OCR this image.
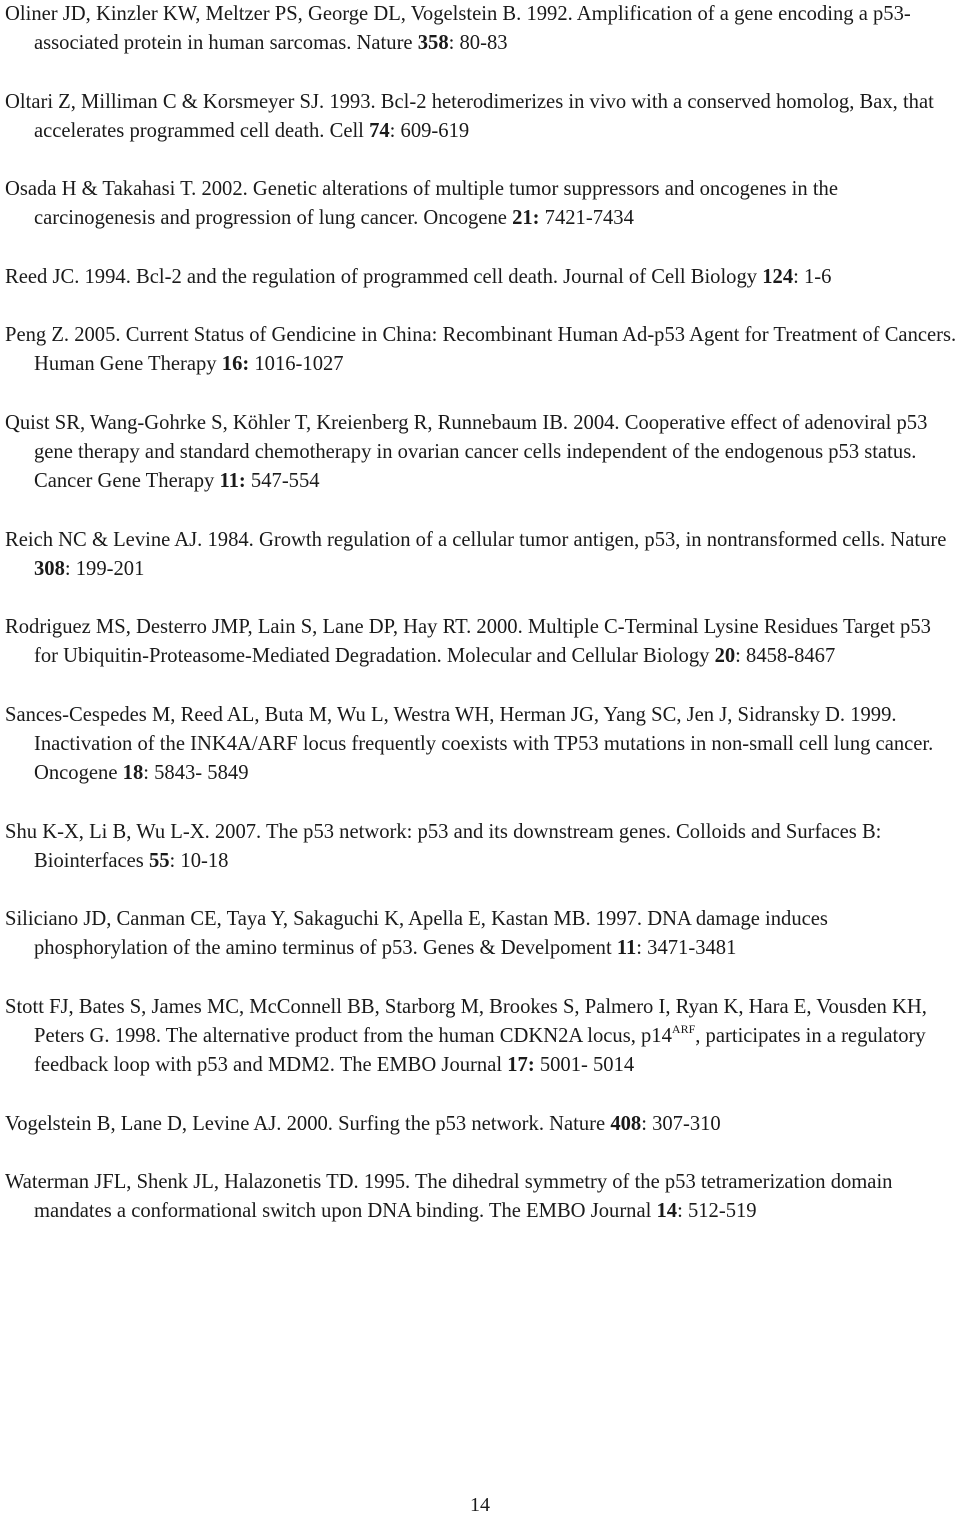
Oliner JD, Kinzler KW, Meltzer PS, George DL, Vogelstein B. 1992. Amplification of a gene encoding a p53-associated protein in human sarcomas. Nature 358: 80-83

Oltari Z, Milliman C & Korsmeyer SJ. 1993. Bcl-2 heterodimerizes in vivo with a conserved homolog, Bax, that accelerates programmed cell death. Cell 74: 609-619

Osada H & Takahasi T. 2002. Genetic alterations of multiple tumor suppressors and oncogenes in the carcinogenesis and progression of lung cancer. Oncogene 21: 7421-7434

Reed JC. 1994. Bcl-2 and the regulation of programmed cell death. Journal of Cell Biology 124: 1-6

Peng Z. 2005. Current Status of Gendicine in China: Recombinant Human Ad-p53 Agent for Treatment of Cancers. Human Gene Therapy 16: 1016-1027

Quist SR, Wang-Gohrke S, Köhler T, Kreienberg R, Runnebaum IB. 2004. Cooperative effect of adenoviral p53 gene therapy and standard chemotherapy in ovarian cancer cells independent of the endogenous p53 status. Cancer Gene Therapy 11: 547-554

Reich NC & Levine AJ. 1984. Growth regulation of a cellular tumor antigen, p53, in nontransformed cells. Nature 308: 199-201

Rodriguez MS, Desterro JMP, Lain S, Lane DP, Hay RT. 2000. Multiple C-Terminal Lysine Residues Target p53 for Ubiquitin-Proteasome-Mediated Degradation. Molecular and Cellular Biology 20: 8458-8467

Sances-Cespedes M, Reed AL, Buta M, Wu L, Westra WH, Herman JG, Yang SC, Jen J, Sidransky D. 1999. Inactivation of the INK4A/ARF locus frequently coexists with TP53 mutations in non-small cell lung cancer. Oncogene 18: 5843- 5849

Shu K-X, Li B, Wu L-X. 2007. The p53 network: p53 and its downstream genes. Colloids and Surfaces B: Biointerfaces 55: 10-18

Siliciano JD, Canman CE, Taya Y, Sakaguchi K, Apella E, Kastan MB. 1997. DNA damage induces phosphorylation of the amino terminus of p53. Genes & Develpoment 11: 3471-3481

Stott FJ, Bates S, James MC, McConnell BB, Starborg M, Brookes S, Palmero I, Ryan K, Hara E, Vousden KH, Peters G. 1998. The alternative product from the human CDKN2A locus, $p14^{ARF}$, participates in a regulatory feedback loop with p53 and MDM2. The EMBO Journal 17: 5001- 5014

Vogelstein B, Lane D, Levine AJ. 2000. Surfing the p53 network. Nature 408: 307-310

Waterman JFL, Shenk JL, Halazonetis TD. 1995. The dihedral symmetry of the p53 tetramerization domain mandates a conformational switch upon DNA binding. The EMBO Journal 14: 512-519

14
